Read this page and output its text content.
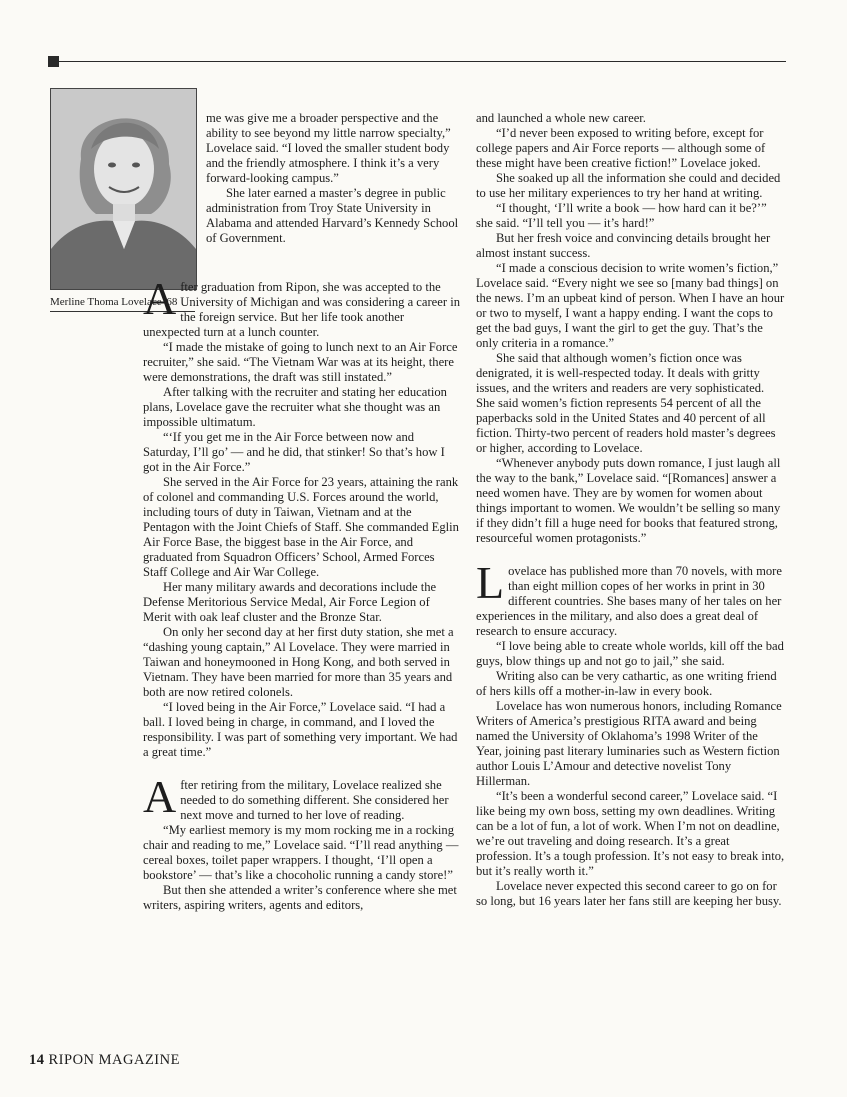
Merline Thoma Lovelace '68

me was give me a broader perspective and the ability to see beyond my little narrow specialty,” Lovelace said. “I loved the smaller student body and the friendly atmosphere. I think it’s a very forward-looking campus.”

She later earned a master’s degree in public administration from Troy State University in Alabama and attended Harvard’s Kennedy School of Government.

After graduation from Ripon, she was accepted to the University of Michigan and was considering a career in the foreign service. But her life took another unexpected turn at a lunch counter.

“I made the mistake of going to lunch next to an Air Force recruiter,” she said. “The Vietnam War was at its height, there were demonstrations, the draft was still instated.”

After talking with the recruiter and stating her education plans, Lovelace gave the recruiter what she thought was an impossible ultimatum.

“‘If you get me in the Air Force between now and Saturday, I’ll go’ — and he did, that stinker! So that’s how I got in the Air Force.”

She served in the Air Force for 23 years, attaining the rank of colonel and commanding U.S. Forces around the world, including tours of duty in Taiwan, Vietnam and at the Pentagon with the Joint Chiefs of Staff. She commanded Eglin Air Force Base, the biggest base in the Air Force, and graduated from Squadron Officers’ School, Armed Forces Staff College and Air War College.

Her many military awards and decorations include the Defense Meritorious Service Medal, Air Force Legion of Merit with oak leaf cluster and the Bronze Star.

On only her second day at her first duty station, she met a “dashing young captain,” Al Lovelace. They were married in Taiwan and honeymooned in Hong Kong, and both served in Vietnam. They have been married for more than 35 years and both are now retired colonels.

“I loved being in the Air Force,” Lovelace said. “I had a ball. I loved being in charge, in command, and I loved the responsibility. I was part of something very important. We had a great time.”

After retiring from the military, Lovelace realized she needed to do something different. She considered her next move and turned to her love of reading.

“My earliest memory is my mom rocking me in a rocking chair and reading to me,” Lovelace said. “I’ll read anything — cereal boxes, toilet paper wrappers. I thought, ‘I’ll open a bookstore’ — that’s like a chocoholic running a candy store!”

But then she attended a writer’s conference where she met writers, aspiring writers, agents and editors,

and launched a whole new career.

“I’d never been exposed to writing before, except for college papers and Air Force reports — although some of these might have been creative fiction!” Lovelace joked.

She soaked up all the information she could and decided to use her military experiences to try her hand at writing.

“I thought, ‘I’ll write a book — how hard can it be?’” she said. “I’ll tell you — it’s hard!”

But her fresh voice and convincing details brought her almost instant success.

“I made a conscious decision to write women’s fiction,” Lovelace said. “Every night we see so [many bad things] on the news. I’m an upbeat kind of person. When I have an hour or two to myself, I want a happy ending. I want the cops to get the bad guys, I want the girl to get the guy. That’s the only criteria in a romance.”

She said that although women’s fiction once was denigrated, it is well-respected today. It deals with gritty issues, and the writers and readers are very sophisticated. She said women’s fiction represents 54 percent of all the paperbacks sold in the United States and 40 percent of all fiction. Thirty-two percent of readers hold master’s degrees or higher, according to Lovelace.

“Whenever anybody puts down romance, I just laugh all the way to the bank,” Lovelace said. “[Romances] answer a need women have. They are by women for women about things important to women. We wouldn’t be selling so many if they didn’t fill a huge need for books that featured strong, resourceful women protagonists.”

Lovelace has published more than 70 novels, with more than eight million copes of her works in print in 30 different countries. She bases many of her tales on her experiences in the military, and also does a great deal of research to ensure accuracy.

“I love being able to create whole worlds, kill off the bad guys, blow things up and not go to jail,” she said.

Writing also can be very cathartic, as one writing friend of hers kills off a mother-in-law in every book.

Lovelace has won numerous honors, including Romance Writers of America’s prestigious RITA award and being named the University of Oklahoma’s 1998 Writer of the Year, joining past literary luminaries such as Western fiction author Louis L’Amour and detective novelist Tony Hillerman.

“It’s been a wonderful second career,” Lovelace said. “I like being my own boss, setting my own deadlines. Writing can be a lot of fun, a lot of work. When I’m not on deadline, we’re out traveling and doing research. It’s a great profession. It’s a tough profession. It’s not easy to break into, but it’s really worth it.”

Lovelace never expected this second career to go on for so long, but 16 years later her fans still are keeping her busy.

14 RIPON MAGAZINE
